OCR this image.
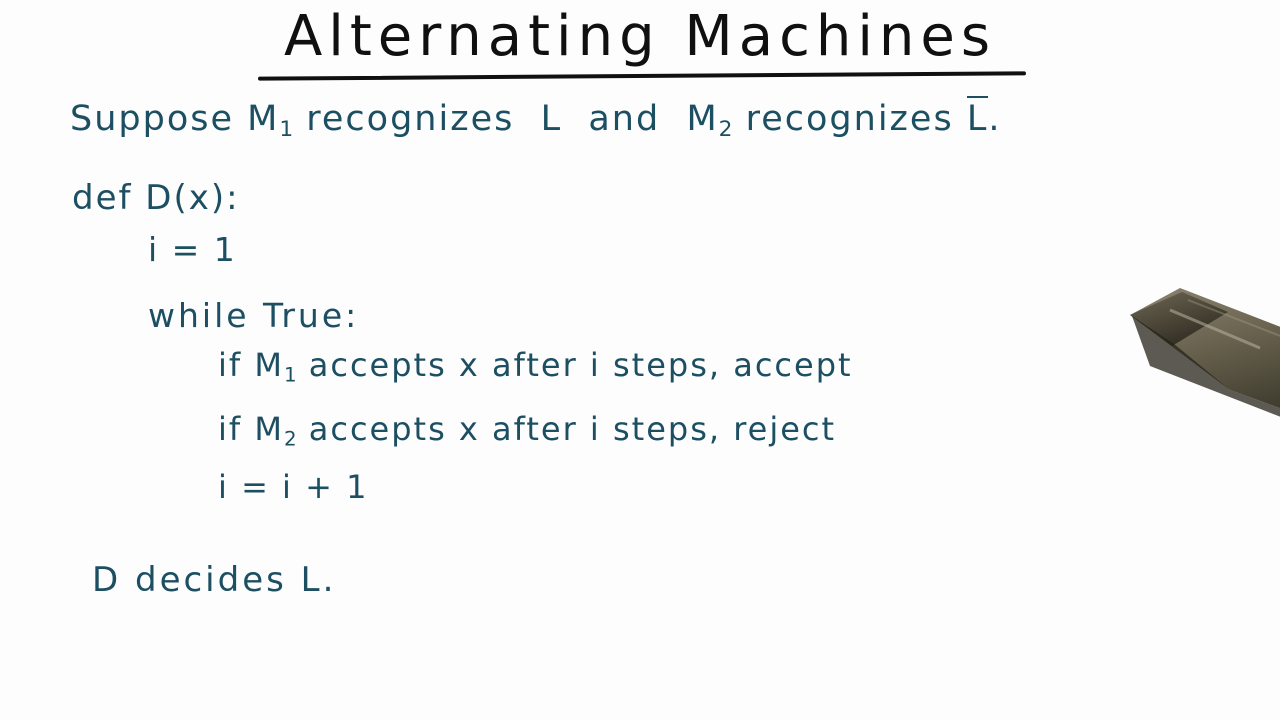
Alternating Machines
Suppose $M_1$ recognizes  L  and  $M_2$ recognizes L.
def D(x):
i = 1
while True:
if $M_1$ accepts x after i steps, accept
if $M_2$ accepts x after i steps, reject
i = i + 1
D decides L.
